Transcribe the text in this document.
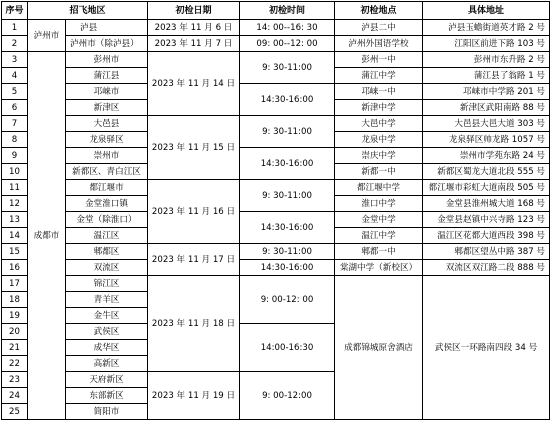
序号	招飞地区		初检日期	初检时间	初检地点	具体地址
1	泸州市	泸县	2023 年 11 月 6 日	14: 00--16: 30	泸县二中	泸县玉蟾街道英才路 2 号
2		泸州市（除泸县）	2023 年 11 月 7 日	09: 00--12: 00	泸州外国语学校	江阳区前进下路 103 号
3	成都市	彭州市	2023 年 11 月 14 日	9: 30-11:00	彭州一中	彭州市东升路 2 号
4		蒲江县			蒲江中学	蒲江县了翁路 1 号
5		邛崃市		14:30-16:00	邛崃一中	邛崃市中学路 201 号
6		新津区			新津中学	新津区武阳南路 88 号
7		大邑县	2023 年 11 月 15 日	9: 30-11:00	大邑中学	大邑县大邑大道 303 号
8		龙泉驿区			龙泉中学	龙泉驿区帅龙路 1057 号
9		崇州市		14:30-16:00	崇庆中学	崇州市学苑东路 24 号
10		新都区、青白江区			新都一中	新都区蜀龙大道北段 555 号
11		都江堰市	2023 年 11 月 16 日	9: 30-11:00	都江堰中学	都江堰市彩虹大道南段 505 号
12		金堂淮口镇			淮口中学	金堂县淮州城大道 168 号
13		金堂（除淮口）		14:30-16:00	金堂中学	金堂县赵镇中兴寺路 123 号
14		温江区			温江中学	温江区花都大道西段 398 号
15		郫都区	2023 年 11 月 17 日	9: 30-11:00	郫都一中	郫都区望丛中路 387 号
16		双流区		14:30-16:00	棠湖中学（新校区）	双流区双江路二段 888 号
17		锦江区	2023 年 11 月 18 日	9: 00-12: 00	成都锦城原舍酒店	武侯区一环路南四段 34 号
18		青羊区				
19		金牛区				
20		武侯区		14:00-16:30		
21		成华区				
22		高新区				
23		天府新区	2023 年 11 月 19 日	9: 00-12:00		
24		东部新区				
25		简阳市				
